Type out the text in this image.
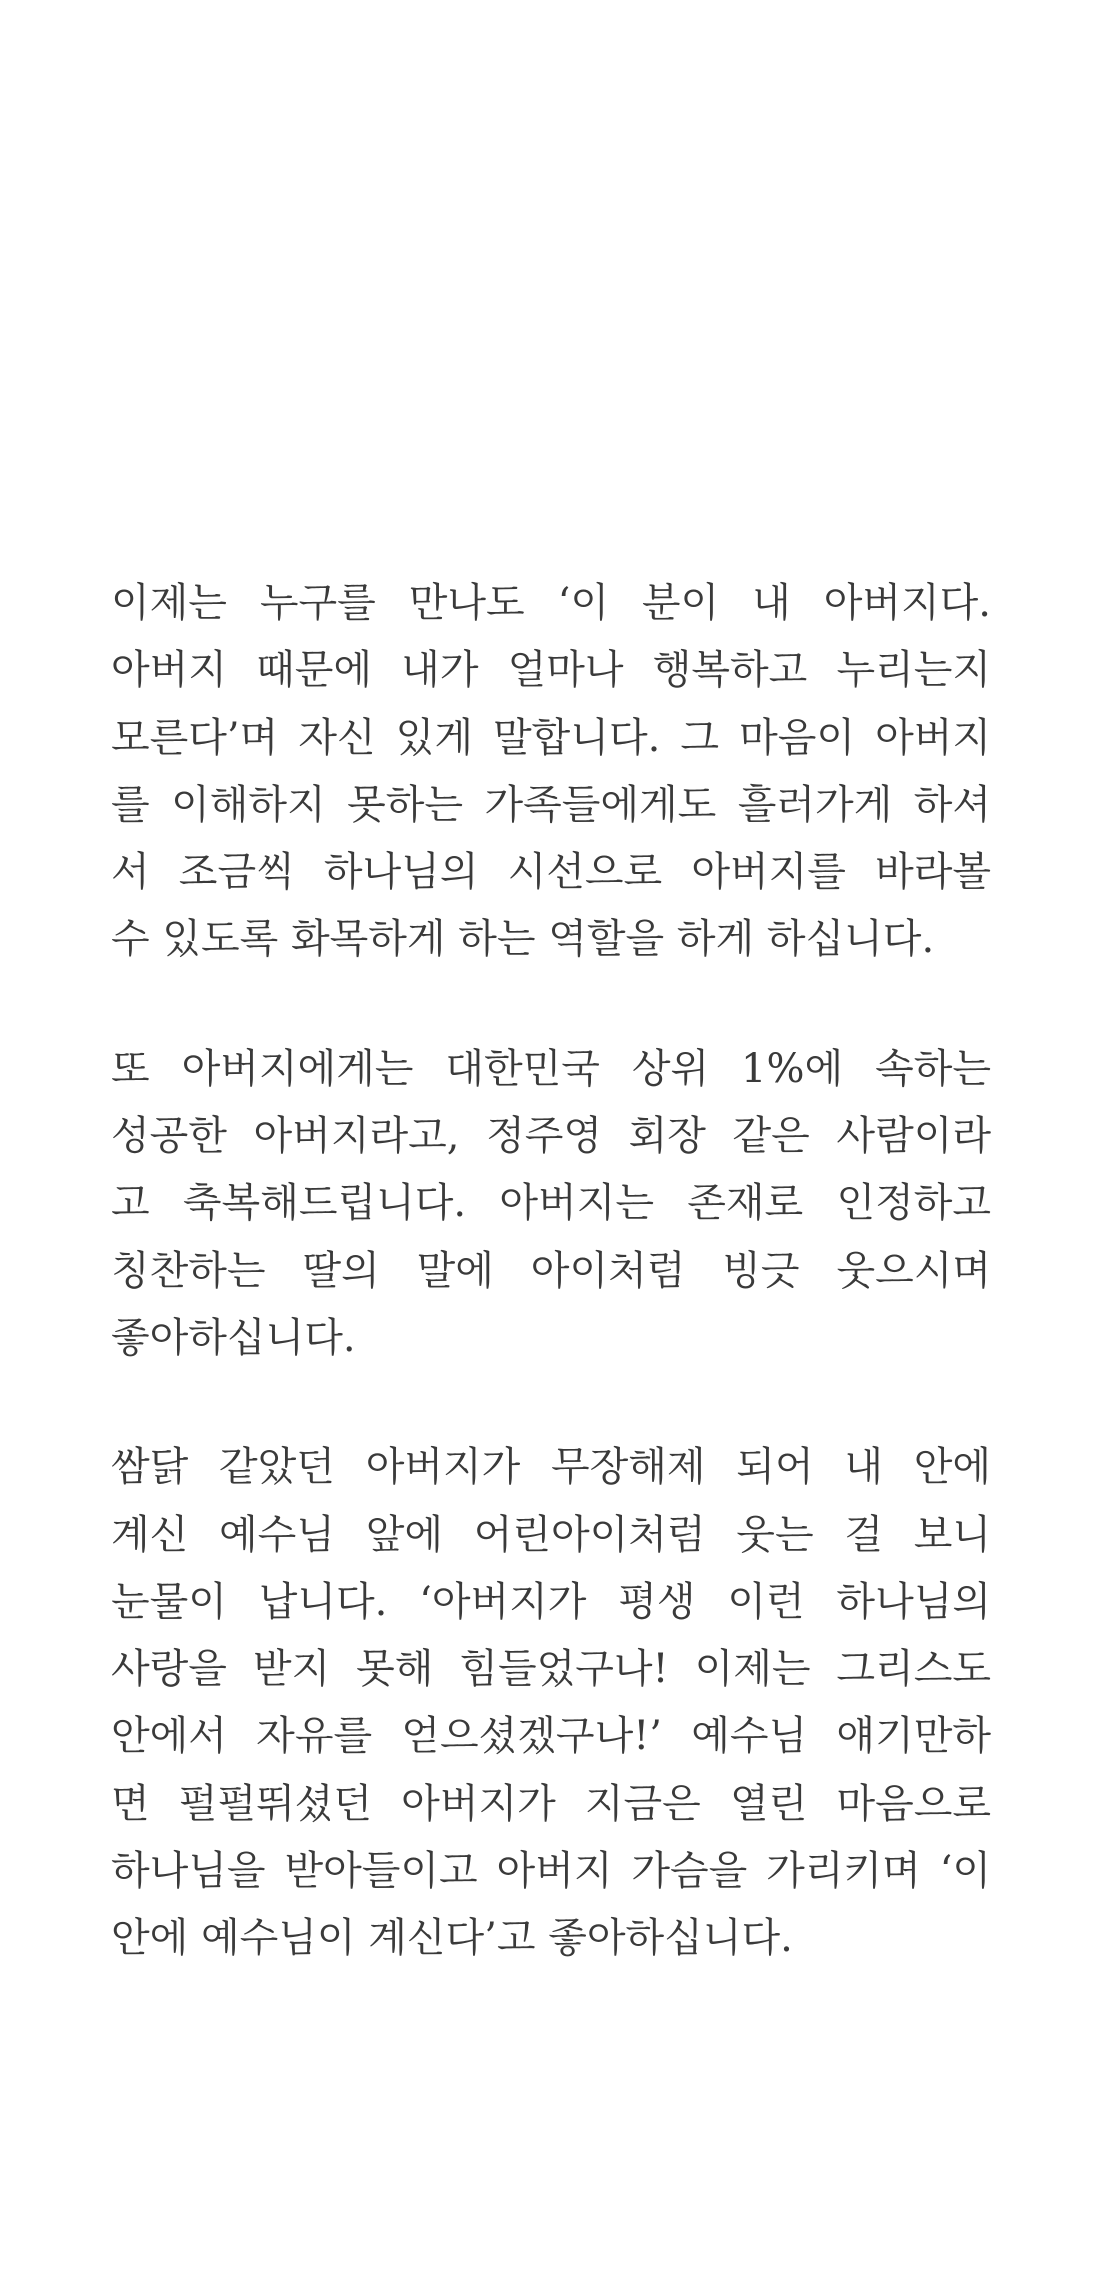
이제는 누구를 만나도 ‘이 분이 내 아버지다.
아버지 때문에 내가 얼마나 행복하고 누리는지
모른다’며 자신 있게 말합니다. 그 마음이 아버지
를 이해하지 못하는 가족들에게도 흘러가게 하셔
서 조금씩 하나님의 시선으로 아버지를 바라볼
수 있도록 화목하게 하는 역할을 하게 하십니다.
또 아버지에게는 대한민국 상위 1%에 속하는
성공한 아버지라고, 정주영 회장 같은 사람이라
고 축복해드립니다. 아버지는 존재로 인정하고
칭찬하는 딸의 말에 아이처럼 빙긋 웃으시며
좋아하십니다.
쌈닭 같았던 아버지가 무장해제 되어 내 안에
계신 예수님 앞에 어린아이처럼 웃는 걸 보니
눈물이 납니다. ‘아버지가 평생 이런 하나님의
사랑을 받지 못해 힘들었구나! 이제는 그리스도
안에서 자유를 얻으셨겠구나!’ 예수님 얘기만하
면 펄펄뛰셨던 아버지가 지금은 열린 마음으로
하나님을 받아들이고 아버지 가슴을 가리키며 ‘이
안에 예수님이 계신다’고 좋아하십니다.
